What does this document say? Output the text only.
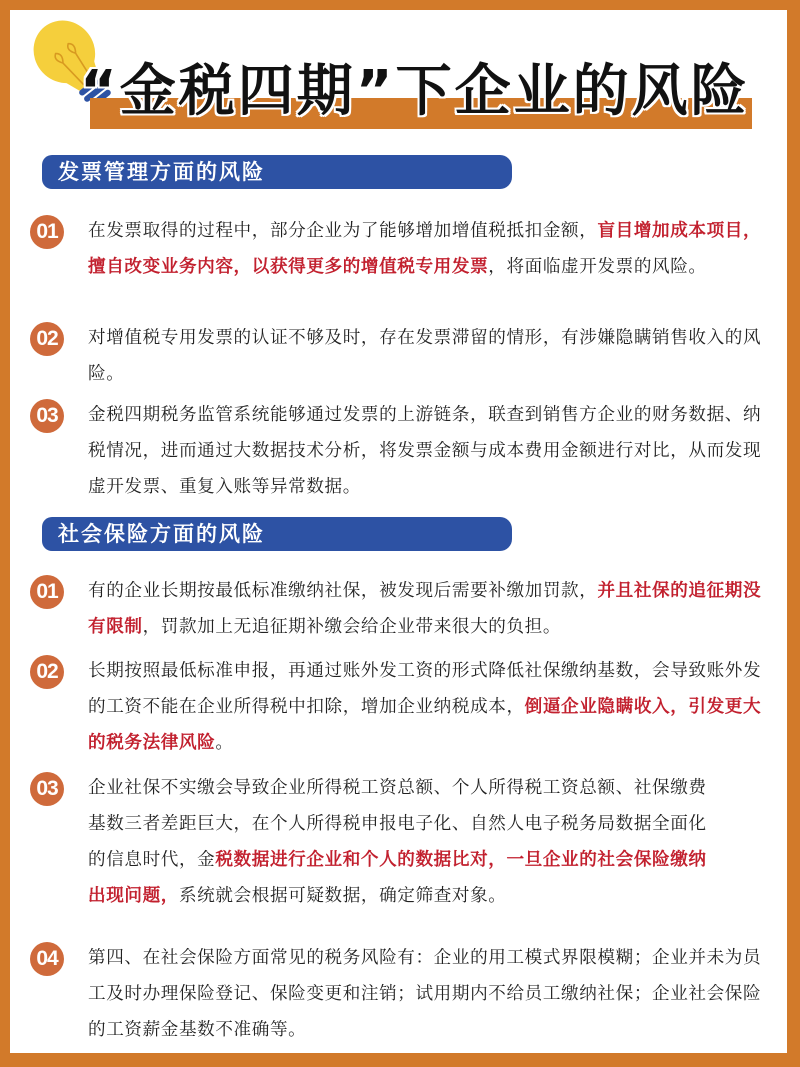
“金税四期”下企业的风险
发票管理方面的风险
01	在发票取得的过程中，部分企业为了能够增加增值税抵扣金额，盲目增加成本项目，擅自改变业务内容，以获得更多的增值税专用发票，将面临虚开发票的风险。
02	对增值税专用发票的认证不够及时，存在发票滞留的情形，有涉嫌隐瞒销售收入的风险。
03	金税四期税务监管系统能够通过发票的上游链条，联查到销售方企业的财务数据、纳税情况，进而通过大数据技术分析，将发票金额与成本费用金额进行对比，从而发现虚开发票、重复入账等异常数据。
社会保险方面的风险
01	有的企业长期按最低标准缴纳社保，被发现后需要补缴加罚款，并且社保的追征期没有限制，罚款加上无追征期补缴会给企业带来很大的负担。
02	长期按照最低标准申报，再通过账外发工资的形式降低社保缴纳基数，会导致账外发的工资不能在企业所得税中扣除，增加企业纳税成本，倒逼企业隐瞒收入，引发更大的税务法律风险。
03	企业社保不实缴会导致企业所得税工资总额、个人所得税工资总额、社保缴费基数三者差距巨大，在个人所得税申报电子化、自然人电子税务局数据全面化的信息时代，金税数据进行企业和个人的数据比对，一旦企业的社会保险缴纳出现问题，系统就会根据可疑数据，确定筛查对象。
04	第四、在社会保险方面常见的税务风险有：企业的用工模式界限模糊；企业并未为员工及时办理保险登记、保险变更和注销；试用期内不给员工缴纳社保；企业社会保险的工资薪金基数不准确等。
